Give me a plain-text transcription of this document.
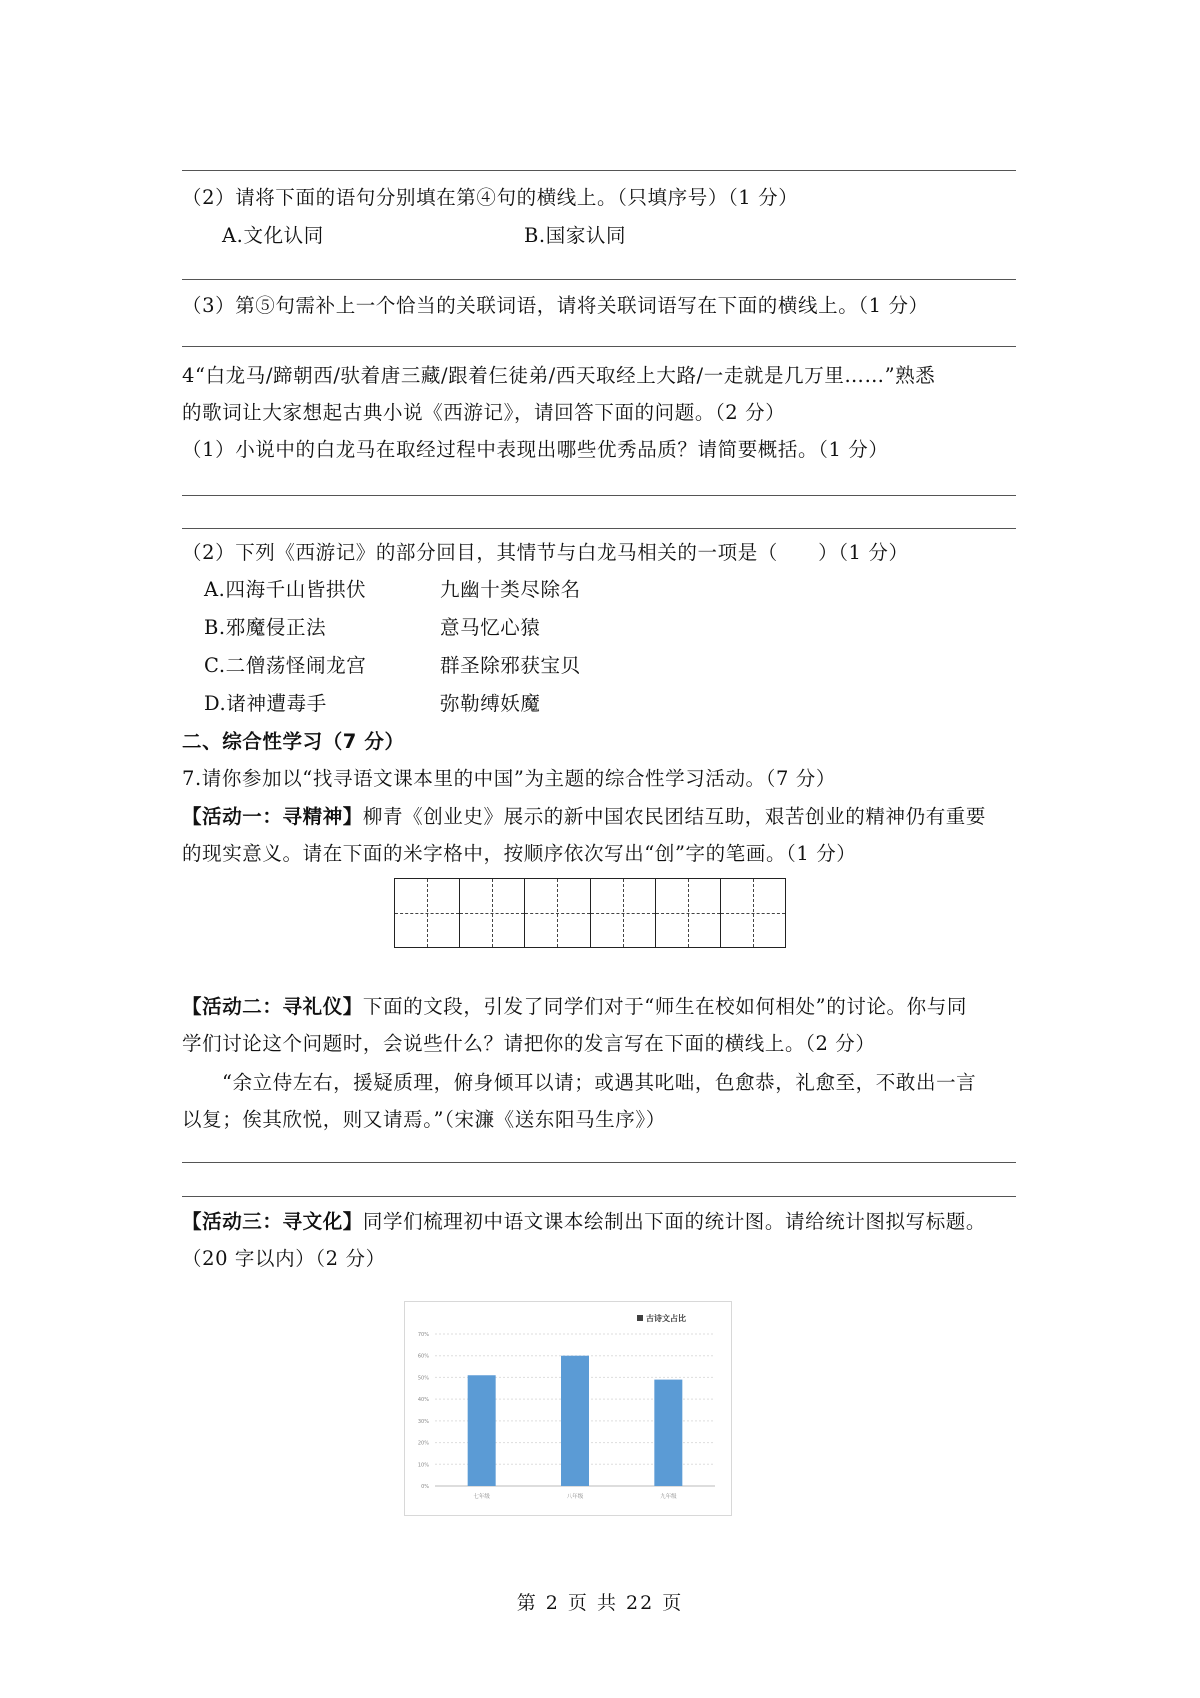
（2）请将下面的语句分别填在第④句的横线上。（只填序号）（1 分）
A.文化认同	B.国家认同
（3）第⑤句需补上一个恰当的关联词语，请将关联词语写在下面的横线上。（1 分）
4“白龙马/蹄朝西/驮着唐三藏/跟着仨徒弟/西天取经上大路/一走就是几万里……”熟悉
的歌词让大家想起古典小说《西游记》，请回答下面的问题。（2 分）
（1）小说中的白龙马在取经过程中表现出哪些优秀品质？请简要概括。（1 分）
（2）下列《西游记》的部分回目，其情节与白龙马相关的一项是（　　）（1 分）
A.四海千山皆拱伏	九幽十类尽除名
B.邪魔侵正法	意马忆心猿
C.二僧荡怪闹龙宫	群圣除邪获宝贝
D.诸神遭毒手	弥勒缚妖魔
二、综合性学习（7 分）
7.请你参加以“找寻语文课本里的中国”为主题的综合性学习活动。（7 分）
【活动一：寻精神】柳青《创业史》展示的新中国农民团结互助，艰苦创业的精神仍有重要
的现实意义。请在下面的米字格中，按顺序依次写出“创”字的笔画。（1 分）
【活动二：寻礼仪】下面的文段，引发了同学们对于“师生在校如何相处”的讨论。你与同
学们讨论这个问题时，会说些什么？请把你的发言写在下面的横线上。（2 分）
“余立侍左右，援疑质理，俯身倾耳以请；或遇其叱咄，色愈恭，礼愈至，不敢出一言
以复；俟其欣悦，则又请焉。”（宋濂《送东阳马生序》）
【活动三：寻文化】同学们梳理初中语文课本绘制出下面的统计图。请给统计图拟写标题。
（20 字以内）（2 分）
0%
10%
20%
30%
40%
50%
60%
70%
七年级	八年级	九年级
古诗文占比
第 2 页 共 22 页
